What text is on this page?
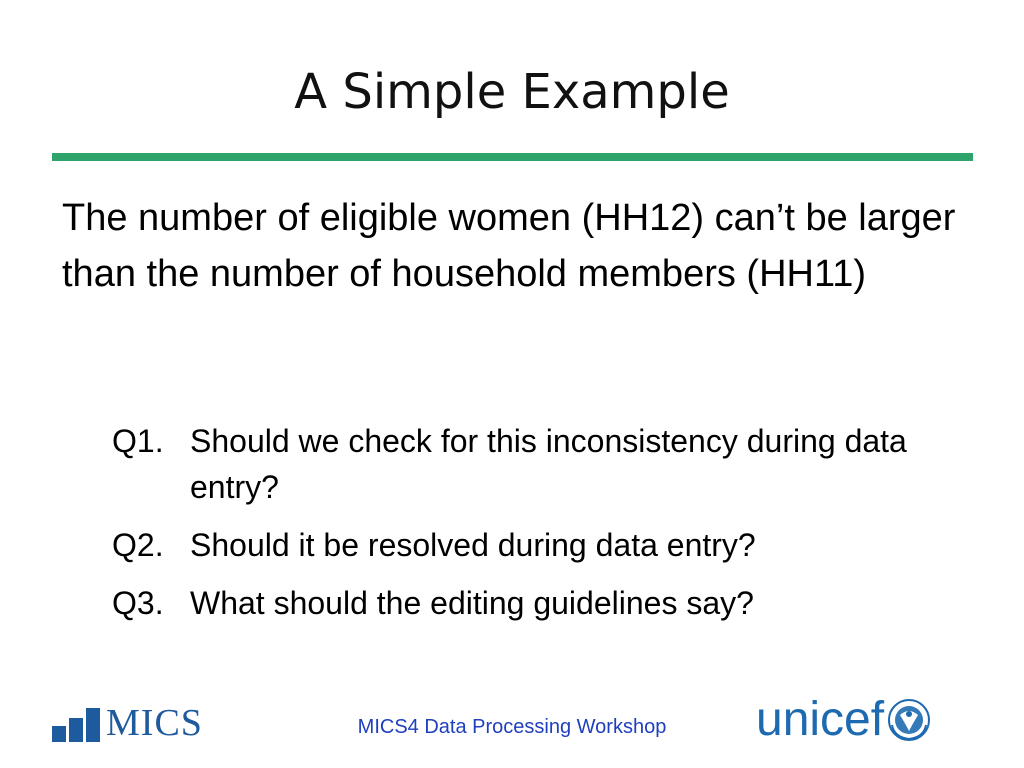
A Simple Example

The number of eligible women (HH12) can’t be larger than the number of household members (HH11)

Q1. Should we check for this inconsistency during data entry?
Q2. Should it be resolved during data entry?
Q3. What should the editing guidelines say?
MICS	MICS4 Data Processing Workshop	unicef
